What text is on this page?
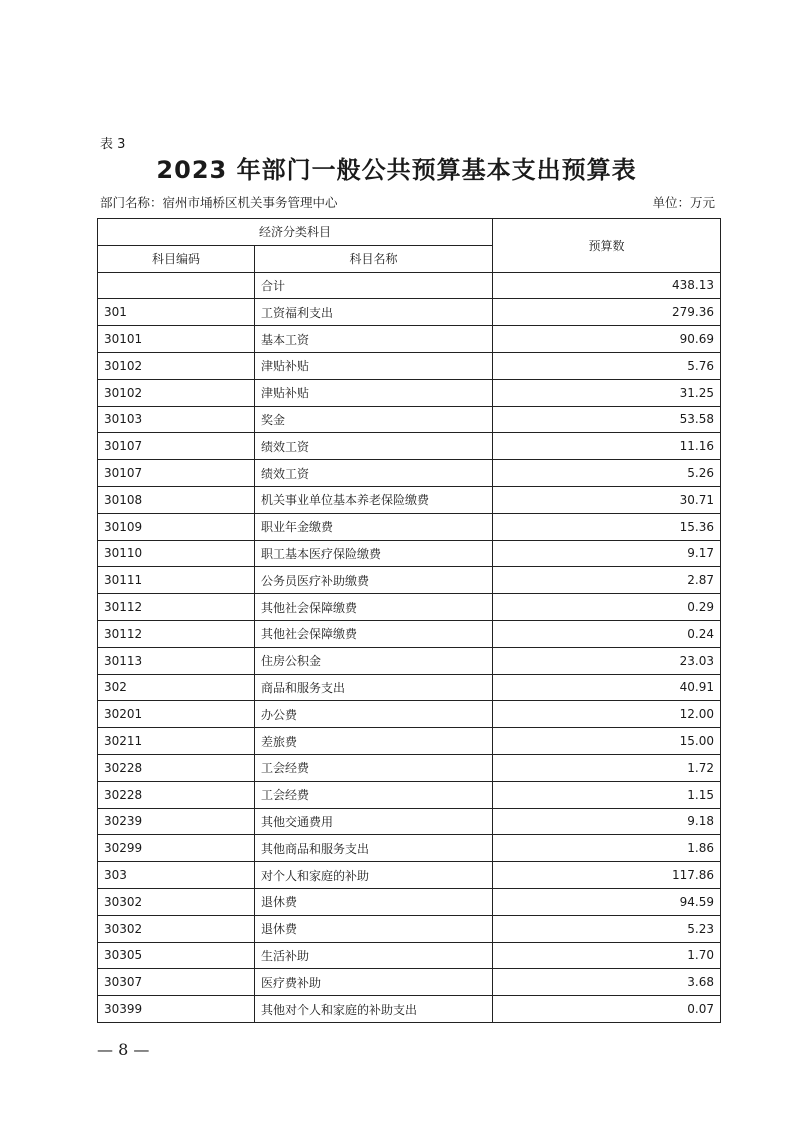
表 3
2023 年部门一般公共预算基本支出预算表
部门名称：宿州市埇桥区机关事务管理中心	单位：万元
经济分类科目		预算数
科目编码	科目名称	
	合计	438.13
301	工资福利支出	279.36
30101	基本工资	90.69
30102	津贴补贴	5.76
30102	津贴补贴	31.25
30103	奖金	53.58
30107	绩效工资	11.16
30107	绩效工资	5.26
30108	机关事业单位基本养老保险缴费	30.71
30109	职业年金缴费	15.36
30110	职工基本医疗保险缴费	9.17
30111	公务员医疗补助缴费	2.87
30112	其他社会保障缴费	0.29
30112	其他社会保障缴费	0.24
30113	住房公积金	23.03
302	商品和服务支出	40.91
30201	办公费	12.00
30211	差旅费	15.00
30228	工会经费	1.72
30228	工会经费	1.15
30239	其他交通费用	9.18
30299	其他商品和服务支出	1.86
303	对个人和家庭的补助	117.86
30302	退休费	94.59
30302	退休费	5.23
30305	生活补助	1.70
30307	医疗费补助	3.68
30399	其他对个人和家庭的补助支出	0.07
— 8 —
